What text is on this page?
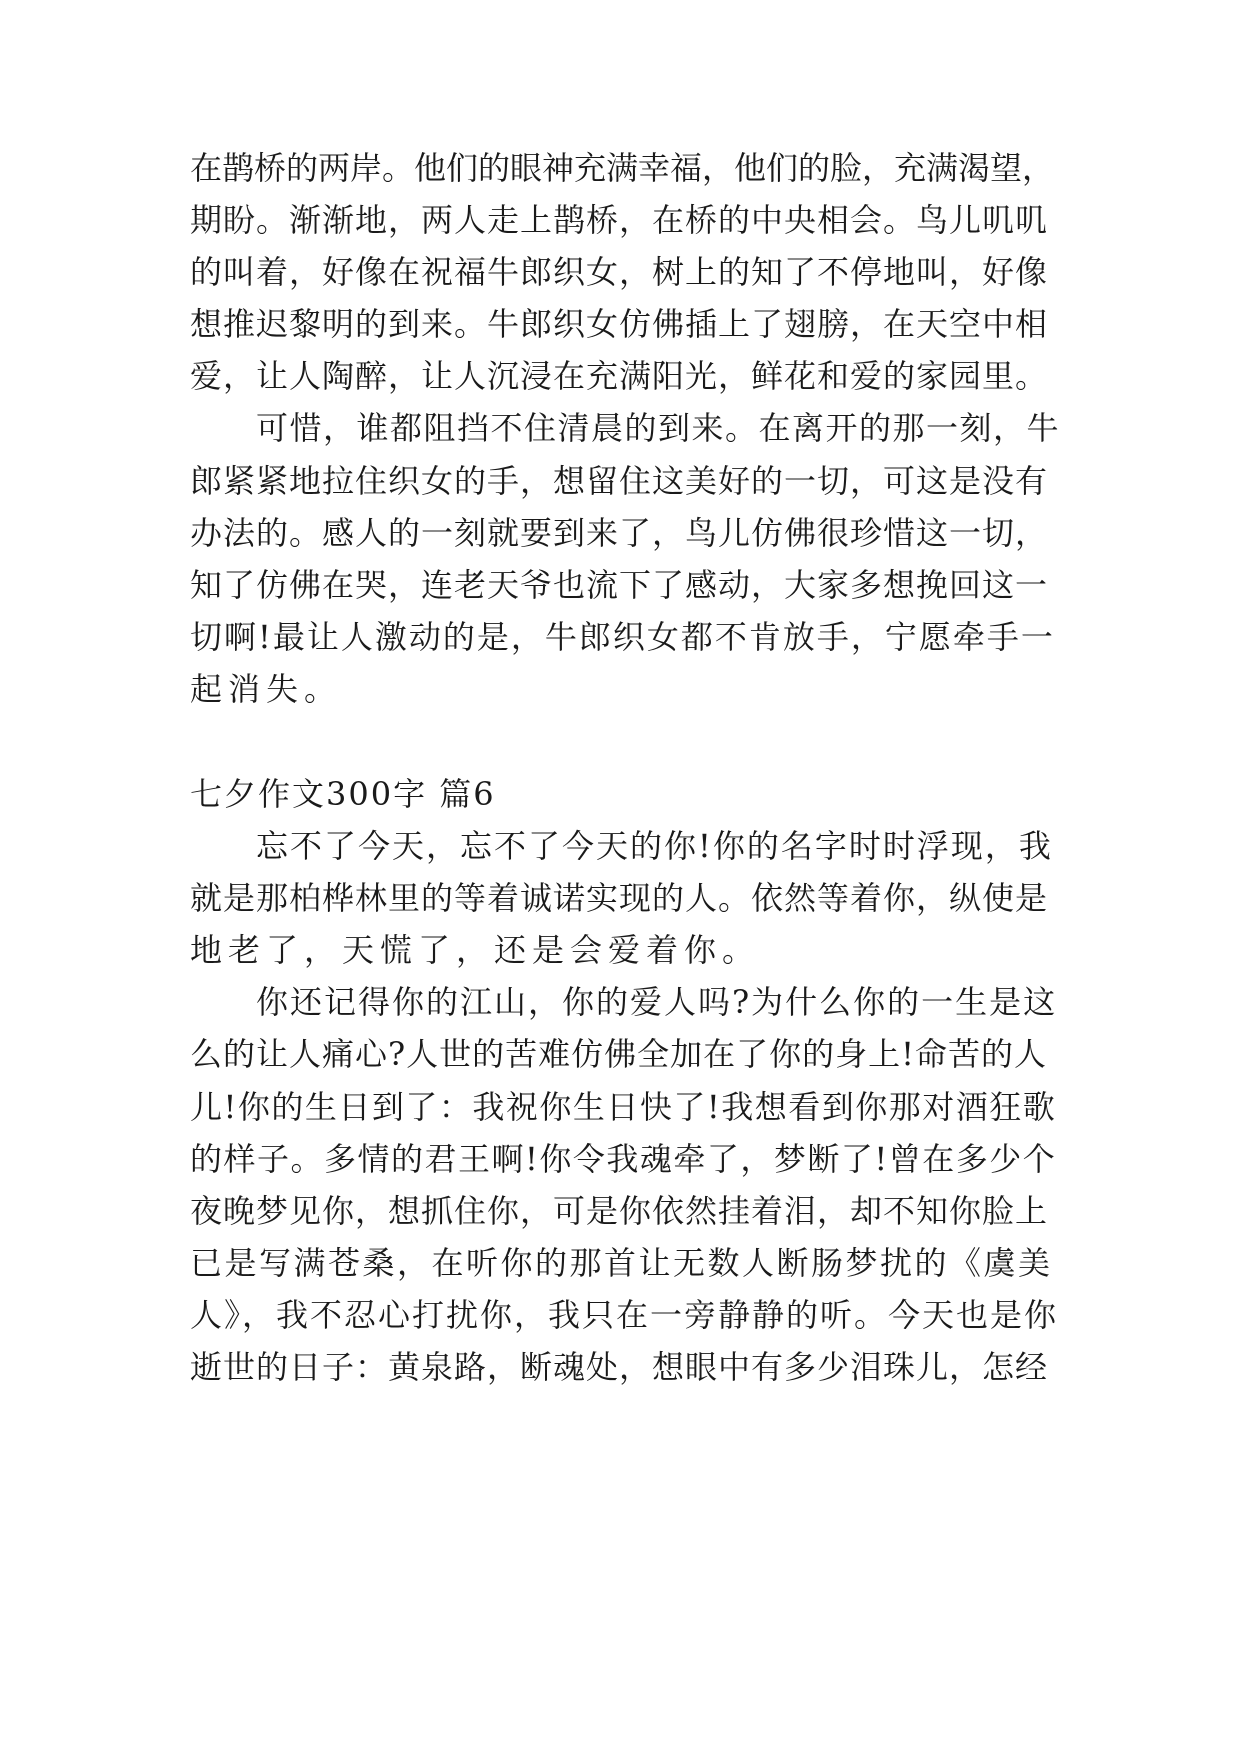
在鹊桥的两岸。他们的眼神充满幸福，他们的脸，充满渴望，
期盼。渐渐地，两人走上鹊桥，在桥的中央相会。鸟儿叽叽
的叫着，好像在祝福牛郎织女，树上的知了不停地叫，好像
想推迟黎明的到来。牛郎织女仿佛插上了翅膀，在天空中相
爱，让人陶醉，让人沉浸在充满阳光，鲜花和爱的家园里。
可惜，谁都阻挡不住清晨的到来。在离开的那一刻，牛
郎紧紧地拉住织女的手，想留住这美好的一切，可这是没有
办法的。感人的一刻就要到来了，鸟儿仿佛很珍惜这一切，
知了仿佛在哭，连老天爷也流下了感动，大家多想挽回这一
切啊!最让人激动的是，牛郎织女都不肯放手，宁愿牵手一
起消失。
七夕作文300字 篇6
忘不了今天，忘不了今天的你!你的名字时时浮现，我
就是那柏桦林里的等着诚诺实现的人。依然等着你，纵使是
地老了，天慌了，还是会爱着你。
你还记得你的江山，你的爱人吗?为什么你的一生是这
么的让人痛心?人世的苦难仿佛全加在了你的身上!命苦的人
儿!你的生日到了：我祝你生日快了!我想看到你那对酒狂歌
的样子。多情的君王啊!你令我魂牵了，梦断了!曾在多少个
夜晚梦见你，想抓住你，可是你依然挂着泪，却不知你脸上
已是写满苍桑，在听你的那首让无数人断肠梦扰的《虞美
人》，我不忍心打扰你，我只在一旁静静的听。今天也是你
逝世的日子：黄泉路，断魂处，想眼中有多少泪珠儿，怎经
